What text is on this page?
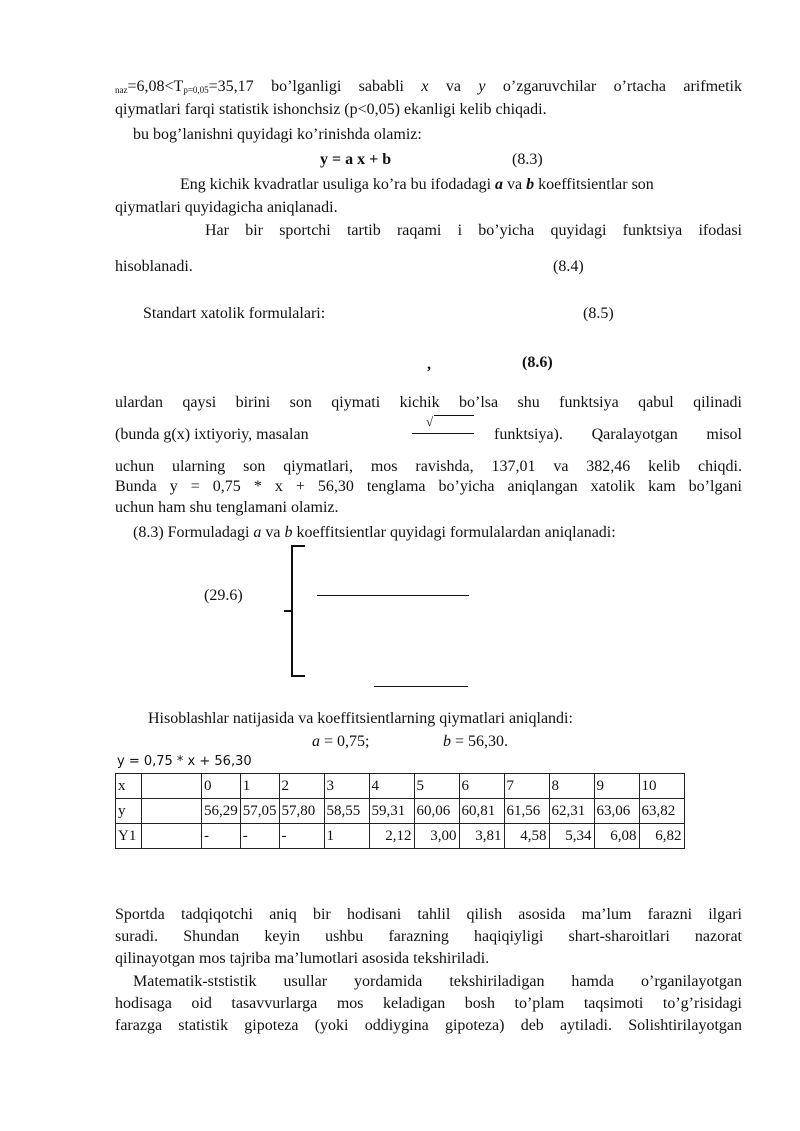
$_{naz}=6,08<T_{p=0,05}=35,17$ bo’lganligi sababli x va y o’zgaruvchilar o’rtacha arifmetik
qiymatlari farqi statistik ishonchsiz (p<0,05) ekanligi kelib chiqadi.
bu bog’lanishni quyidagi ko’rinishda olamiz:
y = a x + b	(8.3)
Eng kichik kvadratlar usuliga ko’ra bu ifodadagi a va b koeffitsientlar son
qiymatlari quyidagicha aniqlanadi.
Har bir sportchi tartib raqami i bo’yicha quyidagi funktsiya ifodasi
hisoblanadi.	(8.4)
Standart xatolik formulalari:	(8.5)
,	(8.6)
ulardan qaysi birini son qiymati kichik bo’lsa shu funktsiya qabul qilinadi
(bunda g(x) ixtiyoriy, masalan
√
funktsiya). Qaralayotgan misol
uchun ularning son qiymatlari, mos ravishda, 137,01 va 382,46 kelib chiqdi.
Bunda y = 0,75 * x + 56,30 tenglama bo’yicha aniqlangan xatolik kam bo’lgani
uchun ham shu tenglamani olamiz.
(8.3) Formuladagi a va b koeffitsientlar quyidagi formulalardan aniqlanadi:
(29.6)
Hisoblashlar natijasida va koeffitsientlarning qiymatlari aniqlandi:
a = 0,75;	b = 56,30.
y = 0,75 * x + 56,30
x		0	1	2	3	4	5	6	7	8	9	10
y		56,29	57,05	57,80	58,55	59,31	60,06	60,81	61,56	62,31	63,06	63,82
Y1		-	-	-	1	2,12	3,00	3,81	4,58	5,34	6,08	6,82
Sportda tadqiqotchi aniq bir hodisani tahlil qilish asosida ma’lum farazni ilgari
suradi. Shundan keyin ushbu farazning haqiqiyligi shart-sharoitlari nazorat
qilinayotgan mos tajriba ma’lumotlari asosida tekshiriladi.
Matematik-ststistik usullar yordamida tekshiriladigan hamda o’rganilayotgan
hodisaga oid tasavvurlarga mos keladigan bosh to’plam taqsimoti to’g’risidagi
farazga statistik gipoteza (yoki oddiygina gipoteza) deb aytiladi. Solishtirilayotgan
